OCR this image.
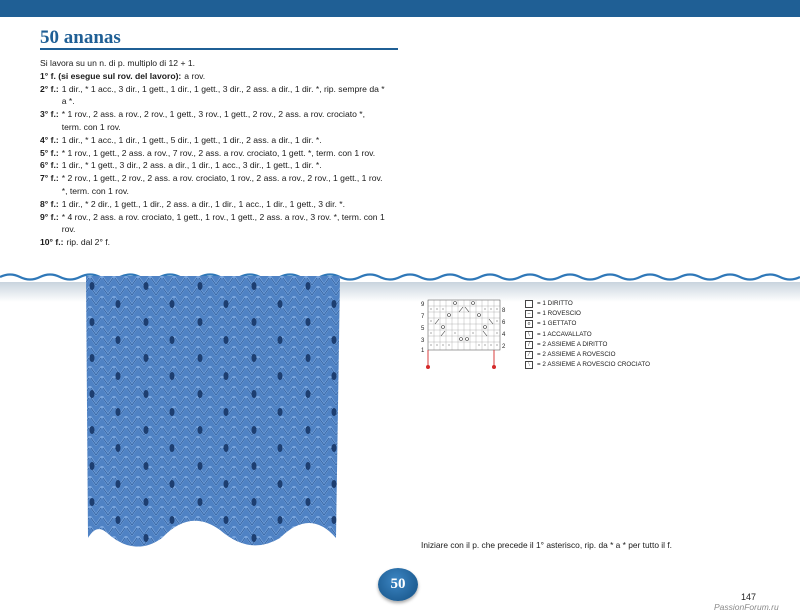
50 ananas

Si lavora su un n. di p. multiplo di 12 + 1.

1° f. (si esegue sul rov. del lavoro): a rov.
2° f.: 1 dir., * 1 acc., 3 dir., 1 gett., 1 dir., 1 gett., 3 dir., 2 ass. a dir., 1 dir. *, rip. sempre da * a *.
3° f.: * 1 rov., 2 ass. a rov., 2 rov., 1 gett., 3 rov., 1 gett., 2 rov., 2 ass. a rov. crociato *, term. con 1 rov.
4° f.: 1 dir., * 1 acc., 1 dir., 1 gett., 5 dir., 1 gett., 1 dir., 2 ass. a dir., 1 dir. *.
5° f.: * 1 rov., 1 gett., 2 ass. a rov., 7 rov., 2 ass. a rov. crociato, 1 gett. *, term. con 1 rov.
6° f.: 1 dir., * 1 gett., 3 dir., 2 ass. a dir., 1 dir., 1 acc., 3 dir., 1 gett., 1 dir. *.
7° f.: * 2 rov., 1 gett., 2 rov., 2 ass. a rov. crociato, 1 rov., 2 ass. a rov., 2 rov., 1 gett., 1 rov. *, term. con 1 rov.
8° f.: 1 dir., * 2 dir., 1 gett., 1 dir., 2 ass. a dir., 1 dir., 1 acc., 1 dir., 1 gett., 3 dir. *.
9° f.: * 4 rov., 2 ass. a rov. crociato, 1 gett., 1 rov., 1 gett., 2 ass. a rov., 3 rov. *, term. con 1 rov.
10° f.: rip. dal 2° f.
9
7
5
3
1
8
6
4
2
= 1 DIRITTO
–	= 1 ROVESCIO
o	= 1 GETTATO
\	= 1 ACCAVALLATO
/	= 2 ASSIEME A DIRITTO
⁄	= 2 ASSIEME A ROVESCIO
⧵	= 2 ASSIEME A ROVESCIO CROCIATO
Iniziare con il p. che precede il 1° asterisco, rip. da * a * per tutto il f.
50
147
PassionForum.ru
